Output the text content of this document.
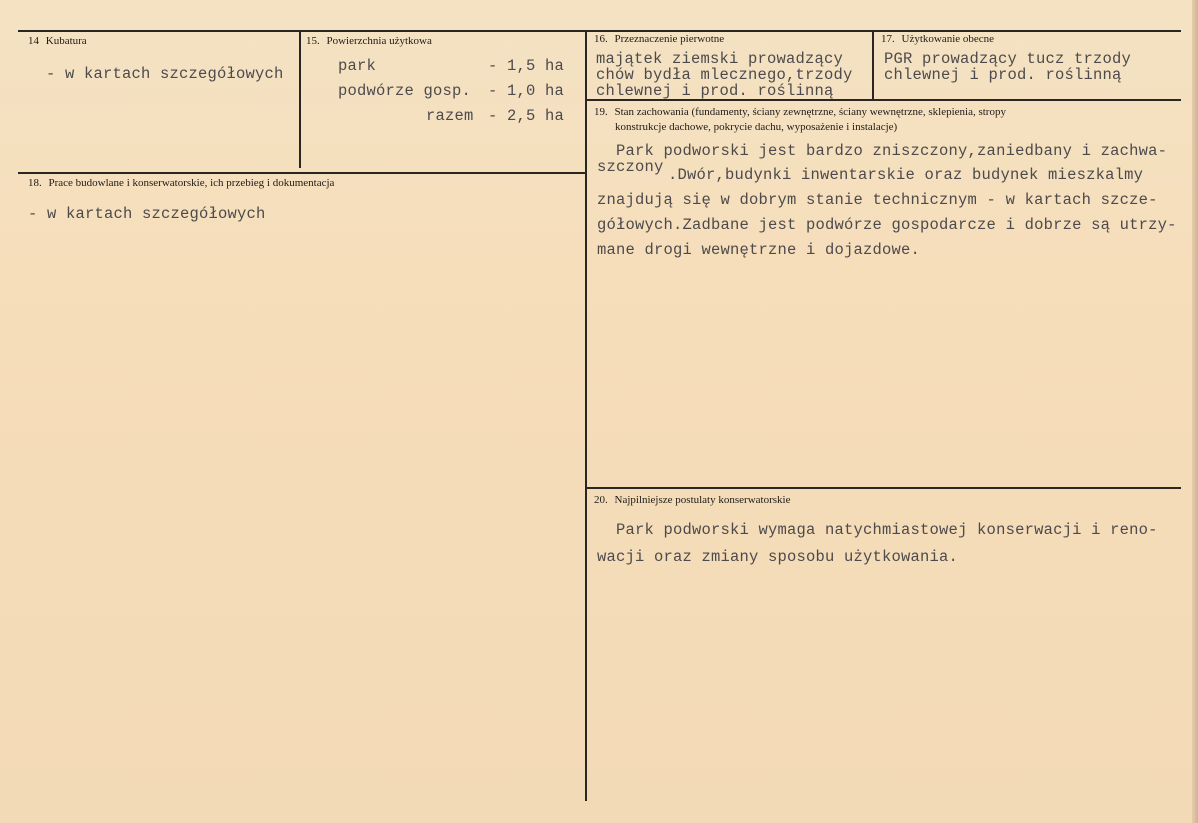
14 Kubatura
- w kartach szczegółowych
15. Powierzchnia użytkowa
park	- 1,5 ha
podwórze gosp. - 1,0 ha
razem - 2,5 ha
16. Przeznaczenie pierwotne
majątek ziemski prowadzący
chów bydła mlecznego,trzody
chlewnej i prod. roślinną
17. Użytkowanie obecne
PGR prowadzący tucz trzody
chlewnej i prod. roślinną
18. Prace budowlane i konserwatorskie, ich przebieg i dokumentacja
- w kartach szczegółowych
19. Stan zachowania (fundamenty, ściany zewnętrzne, ściany wewnętrzne, sklepienia, stropy
konstrukcje dachowe, pokrycie dachu, wyposażenie i instalacje)
Park podworski jest bardzo zniszczony,zaniedbany i zachwa-
szczony .Dwór,budynki inwentarskie oraz budynek mieszkalmy
znajdują się w dobrym stanie technicznym - w kartach szcze-
gółowych.Zadbane jest podwórze gospodarcze i dobrze są utrzy-
mane drogi wewnętrzne i dojazdowe.
20. Najpilniejsze postulaty konserwatorskie
Park podworski wymaga natychmiastowej konserwacji i reno-
wacji oraz zmiany sposobu użytkowania.
